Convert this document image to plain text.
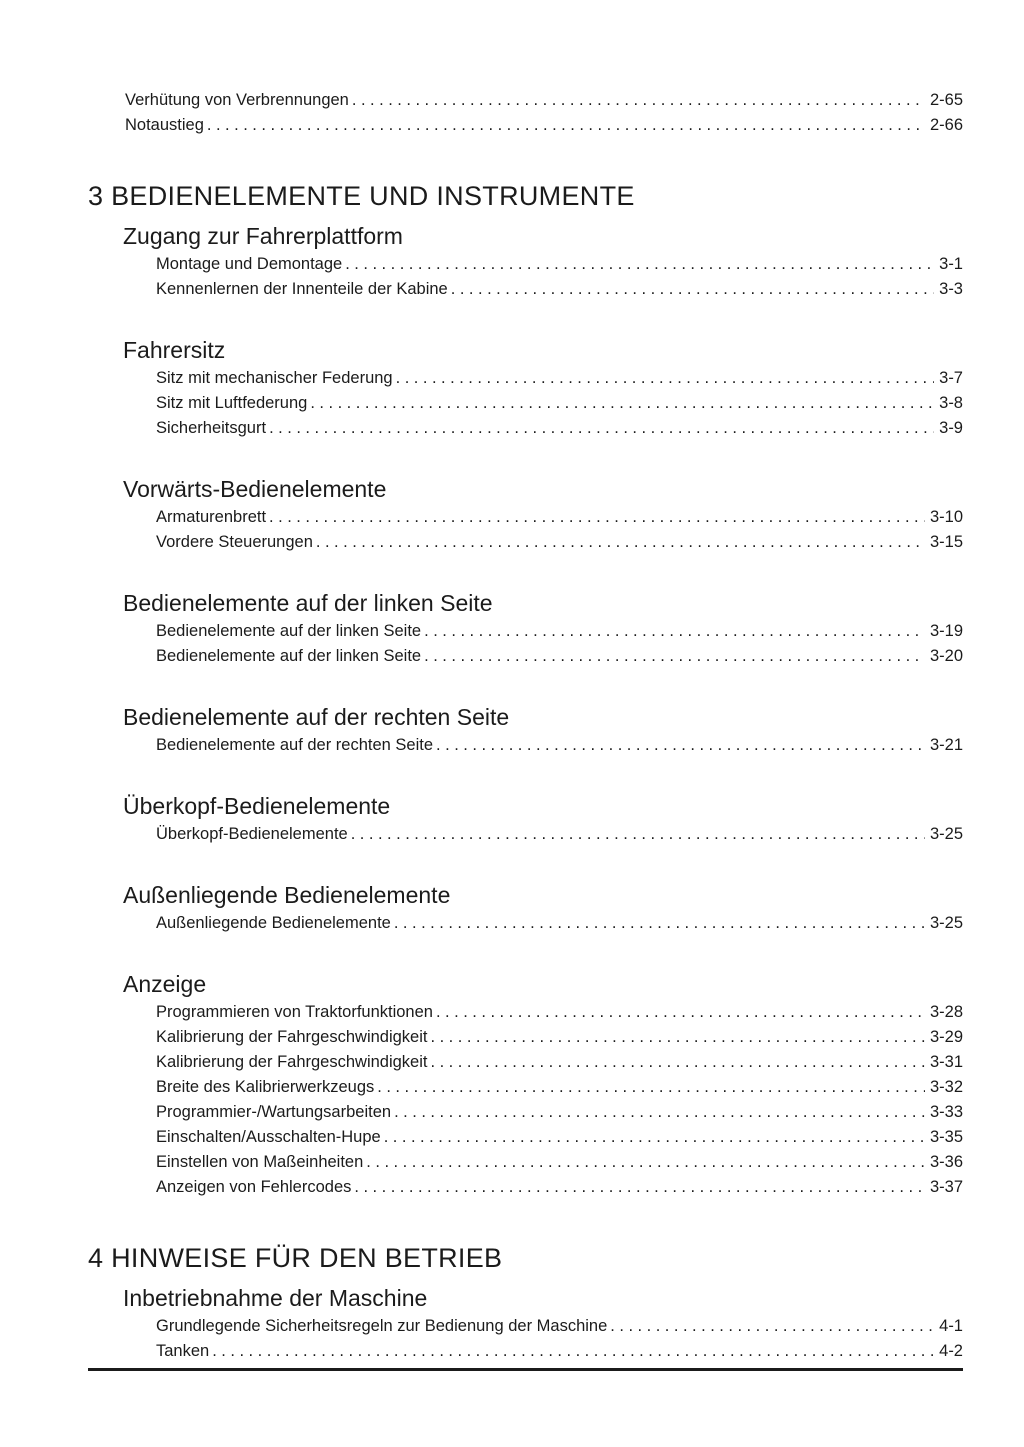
Verhütung von Verbrennungen .....	2-65
Notaustieg .....	2-66
3 BEDIENELEMENTE UND INSTRUMENTE
Zugang zur Fahrerplattform
Montage und Demontage .....	3-1
Kennenlernen der Innenteile der Kabine .....	3-3
Fahrersitz
Sitz mit mechanischer Federung .....	3-7
Sitz mit Luftfederung .....	3-8
Sicherheitsgurt .....	3-9
Vorwärts-Bedienelemente
Armaturenbrett .....	3-10
Vordere Steuerungen .....	3-15
Bedienelemente auf der linken Seite
Bedienelemente auf der linken Seite .....	3-19
Bedienelemente auf der linken Seite .....	3-20
Bedienelemente auf der rechten Seite
Bedienelemente auf der rechten Seite .....	3-21
Überkopf-Bedienelemente
Überkopf-Bedienelemente .....	3-25
Außenliegende Bedienelemente
Außenliegende Bedienelemente .....	3-25
Anzeige
Programmieren von Traktorfunktionen .....	3-28
Kalibrierung der Fahrgeschwindigkeit .....	3-29
Kalibrierung der Fahrgeschwindigkeit .....	3-31
Breite des Kalibrierwerkzeugs .....	3-32
Programmier-/Wartungsarbeiten .....	3-33
Einschalten/Ausschalten-Hupe .....	3-35
Einstellen von Maßeinheiten .....	3-36
Anzeigen von Fehlercodes .....	3-37
4 HINWEISE FÜR DEN BETRIEB
Inbetriebnahme der Maschine
Grundlegende Sicherheitsregeln zur Bedienung der Maschine .....	4-1
Tanken .....	4-2
